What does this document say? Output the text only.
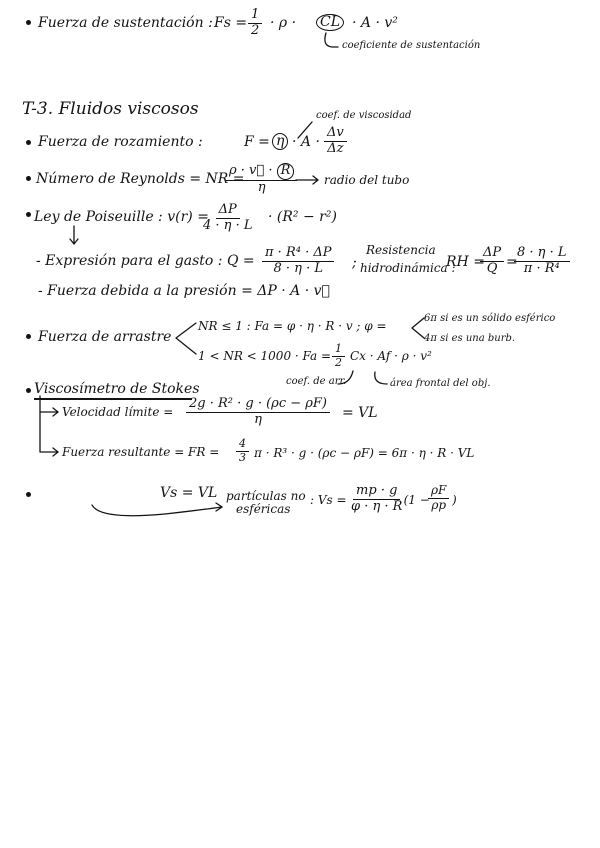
Fuerza de sustentación : $Fs = \frac{1}{2} \cdot \rho$ · CL · A · v²
coeficiente de sustentación
T-3. Fluidos viscosos
Fuerza de rozamiento :	$F = \eta \cdot A \cdot \frac{\Delta v}{\Delta z}$
coef. de viscosidad
Número de Reynolds = NR =
$\frac{\rho \cdot v⃗ \cdot R}{\eta}$ radio del tubo
Ley de Poiseuille : v(r) =
$\frac{\Delta P}{4 \cdot \eta \cdot L} \cdot (R^2 - r^2)$
- Expresión para el gasto : $Q = \frac{\text{π · R⁴ · ΔP}}{8 \cdot \eta \cdot L}$ ;
Resistencia
hidrodinámica :
RH =
$\frac{\Delta P}{Q}$ =
$\frac{8 \cdot \eta \cdot L}{\text{π · R⁴}}$
- Fuerza debida a la presión = ΔP · A · v⃗
Fuerza de arrastre
NR ≤ 1 : Fa = φ · η · R · v ; φ =
6π si es un sólido esférico
4π si es una burb.
1 < NR < $1000 \cdot Fa = \frac{1}{2}$ Cx · Af · ρ · v²
coef. de arr.	área frontal del obj.
Viscosímetro de Stokes
Velocidad límite = $\frac{\text{2g · R² · g · (ρc − ρF)}}{\eta}$ = VL
Fuerza resultante = FR = $\frac{4}{3}$ π · R³ · g · (ρc − ρF) = 6π · η · R · VL
Vs = VL partículas no
esféricas
: $Vs = \frac{mp \cdot g}{\varphi \cdot \eta \cdot R}$
· (1 −
$\frac{\rho F}{\rho p}$ )
